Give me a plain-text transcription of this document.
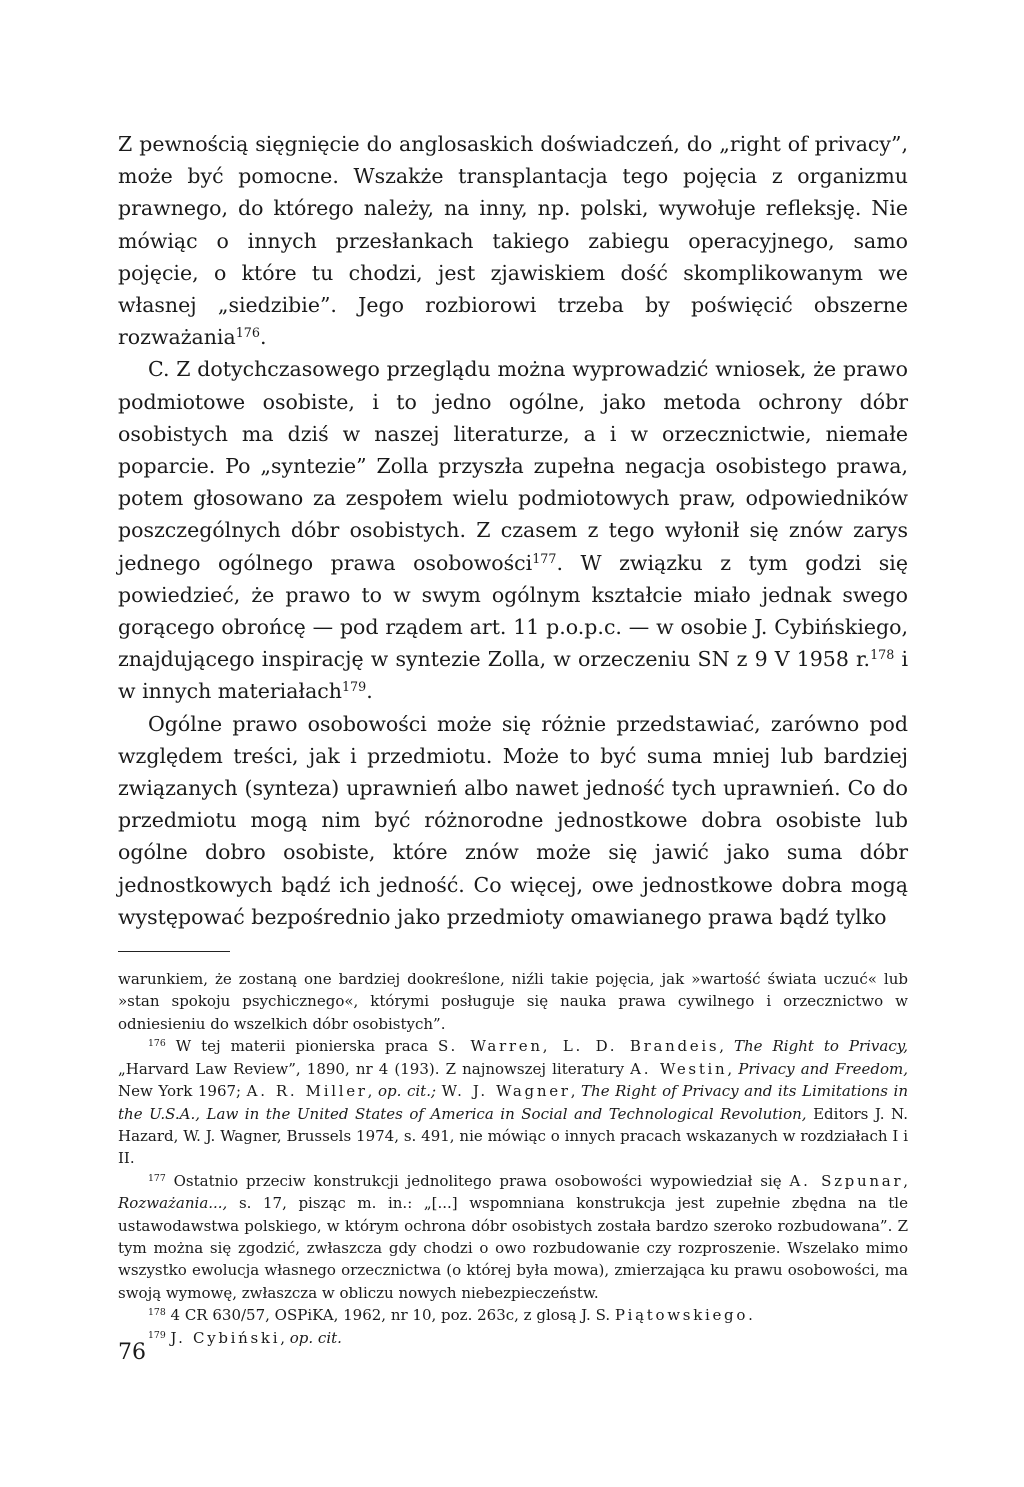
Z pewnością sięgnięcie do anglosaskich doświadczeń, do „right of privacy”, może być pomocne. Wszakże transplantacja tego pojęcia z organizmu prawnego, do którego należy, na inny, np. polski, wywołuje refleksję. Nie mówiąc o innych przesłankach takiego zabiegu operacyjnego, samo pojęcie, o które tu chodzi, jest zjawiskiem dość skomplikowanym we własnej „siedzibie”. Jego rozbiorowi trzeba by poświęcić obszerne rozważania$^{176}$.

C. Z dotychczasowego przeglądu można wyprowadzić wniosek, że prawo podmiotowe osobiste, i to jedno ogólne, jako metoda ochrony dóbr osobistych ma dziś w naszej literaturze, a i w orzecznictwie, niemałe poparcie. Po „syntezie” Zolla przyszła zupełna negacja osobistego prawa, potem głosowano za zespołem wielu podmiotowych praw, odpowiedników poszczególnych dóbr osobistych. Z czasem z tego wyłonił się znów zarys jednego ogólnego prawa osobowości$^{177}$. W związku z tym godzi się powiedzieć, że prawo to w swym ogólnym kształcie miało jednak swego gorącego obrońcę — pod rządem art. 11 p.o.p.c. — w osobie J. Cybińskiego, znajdującego inspirację w syntezie Zolla, w orzeczeniu SN z 9 V 1958 r.$^{178}$ i w innych materiałach$^{179}$.

Ogólne prawo osobowości może się różnie przedstawiać, zarówno pod względem treści, jak i przedmiotu. Może to być suma mniej lub bardziej związanych (synteza) uprawnień albo nawet jedność tych uprawnień. Co do przedmiotu mogą nim być różnorodne jednostkowe dobra osobiste lub ogólne dobro osobiste, które znów może się jawić jako suma dóbr jednostkowych bądź ich jedność. Co więcej, owe jednostkowe dobra mogą występować bezpośrednio jako przedmioty omawianego prawa bądź tylko

warunkiem, że zostaną one bardziej dookreślone, niźli takie pojęcia, jak »wartość świata uczuć« lub »stan spokoju psychicznego«, którymi posługuje się nauka prawa cywilnego i orzecznictwo w odniesieniu do wszelkich dóbr osobistych”.

$^{176}$ W tej materii pionierska praca S. Warren, L. D. Brandeis, The Right to Privacy, „Harvard Law Review”, 1890, nr 4 (193). Z najnowszej literatury A. Westin, Privacy and Freedom, New York 1967; A. R. Miller, op. cit.; W. J. Wagner, The Right of Privacy and its Limitations in the U.S.A., Law in the United States of America in Social and Technological Revolution, Editors J. N. Hazard, W. J. Wagner, Brussels 1974, s. 491, nie mówiąc o innych pracach wskazanych w rozdziałach I i II.

$^{177}$ Ostatnio przeciw konstrukcji jednolitego prawa osobowości wypowiedział się A. Szpunar, Rozważania..., s. 17, pisząc m. in.: „[...] wspomniana konstrukcja jest zupełnie zbędna na tle ustawodawstwa polskiego, w którym ochrona dóbr osobistych została bardzo szeroko rozbudowana”. Z tym można się zgodzić, zwłaszcza gdy chodzi o owo rozbudowanie czy rozproszenie. Wszelako mimo wszystko ewolucja własnego orzecznictwa (o której była mowa), zmierzająca ku prawu osobowości, ma swoją wymowę, zwłaszcza w obliczu nowych niebezpieczeństw.

$^{178}$ 4 CR 630/57, OSPiKA, 1962, nr 10, poz. 263c, z glosą J. S. Piątowskiego.

$^{179}$ J. Cybiński, op. cit.

76
